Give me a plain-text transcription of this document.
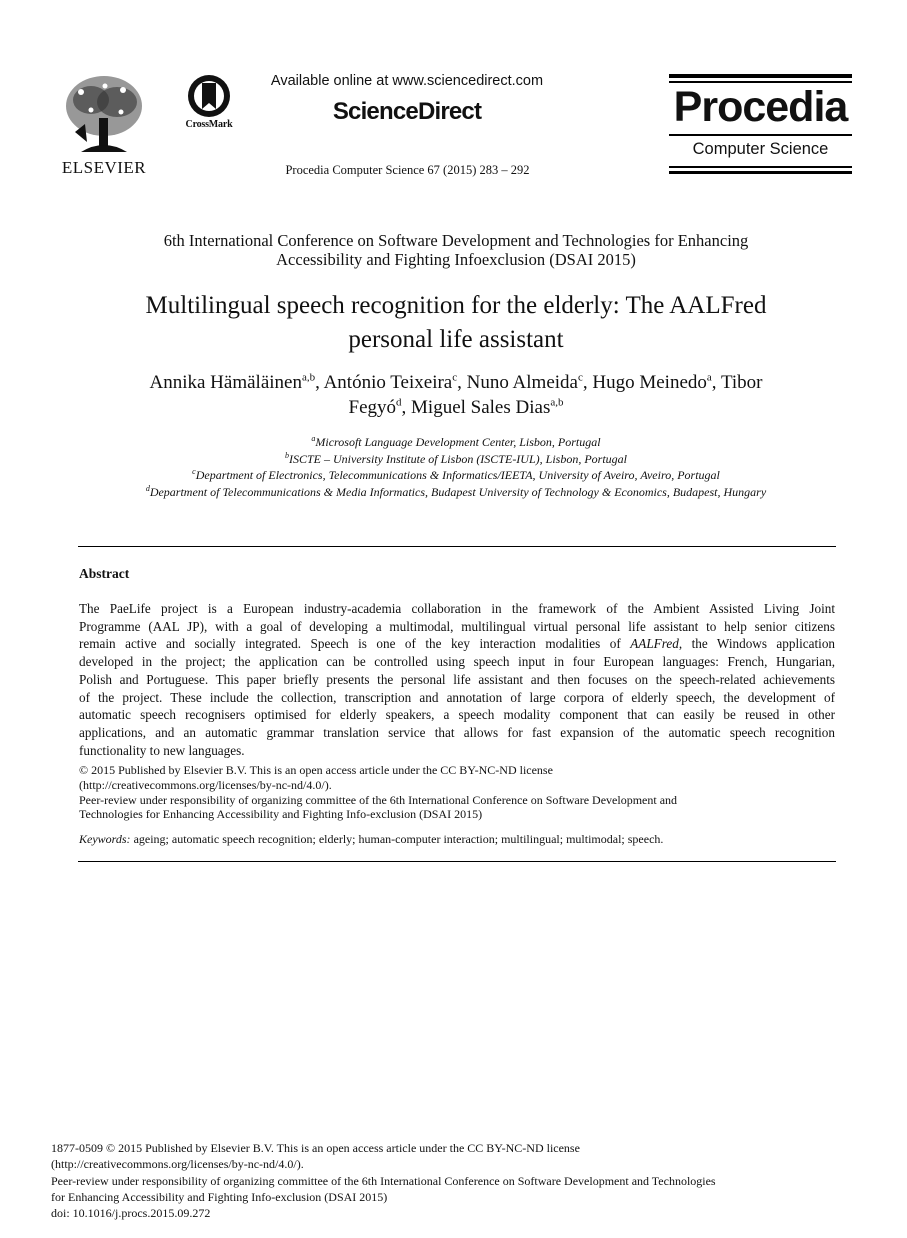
ELSEVIER
CrossMark
Available online at www.sciencedirect.com
ScienceDirect
Procedia Computer Science 67 (2015) 283 – 292
Procedia
Computer Science
6th International Conference on Software Development and Technologies for Enhancing
Accessibility and Fighting Infoexclusion (DSAI 2015)
Multilingual speech recognition for the elderly: The AALFred
personal life assistant
Annika Hämäläinen$^{a,b}$, António Teixeira$^c$, Nuno Almeida$^c$, Hugo Meinedo$^a$, Tibor
Fegyó$^d$, Miguel Sales Dias$^{a,b}$
$^a$Microsoft Language Development Center, Lisbon, Portugal
$^b$ISCTE – University Institute of Lisbon (ISCTE-IUL), Lisbon, Portugal
$^c$Department of Electronics, Telecommunications & Informatics/IEETA, University of Aveiro, Aveiro, Portugal
$^d$Department of Telecommunications & Media Informatics, Budapest University of Technology & Economics, Budapest, Hungary
Abstract
The PaeLife project is a European industry-academia collaboration in the framework of the Ambient Assisted Living Joint
Programme (AAL JP), with a goal of developing a multimodal, multilingual virtual personal life assistant to help senior citizens
remain active and socially integrated. Speech is one of the key interaction modalities of AALFred, the Windows application
developed in the project; the application can be controlled using speech input in four European languages: French, Hungarian,
Polish and Portuguese. This paper briefly presents the personal life assistant and then focuses on the speech-related achievements
of the project. These include the collection, transcription and annotation of large corpora of elderly speech, the development of
automatic speech recognisers optimised for elderly speakers, a speech modality component that can easily be reused in other
applications, and an automatic grammar translation service that allows for fast expansion of the automatic speech recognition
functionality to new languages.
© 2015 Published by Elsevier B.V. This is an open access article under the CC BY-NC-ND license
(http://creativecommons.org/licenses/by-nc-nd/4.0/).
Peer-review under responsibility of organizing committee of the 6th International Conference on Software Development and
Technologies for Enhancing Accessibility and Fighting Info-exclusion (DSAI 2015)
Keywords: ageing; automatic speech recognition; elderly; human-computer interaction; multilingual; multimodal; speech.
1877-0509 © 2015 Published by Elsevier B.V. This is an open access article under the CC BY-NC-ND license
(http://creativecommons.org/licenses/by-nc-nd/4.0/).
Peer-review under responsibility of organizing committee of the 6th International Conference on Software Development and Technologies
for Enhancing Accessibility and Fighting Info-exclusion (DSAI 2015)
doi: 10.1016/j.procs.2015.09.272
